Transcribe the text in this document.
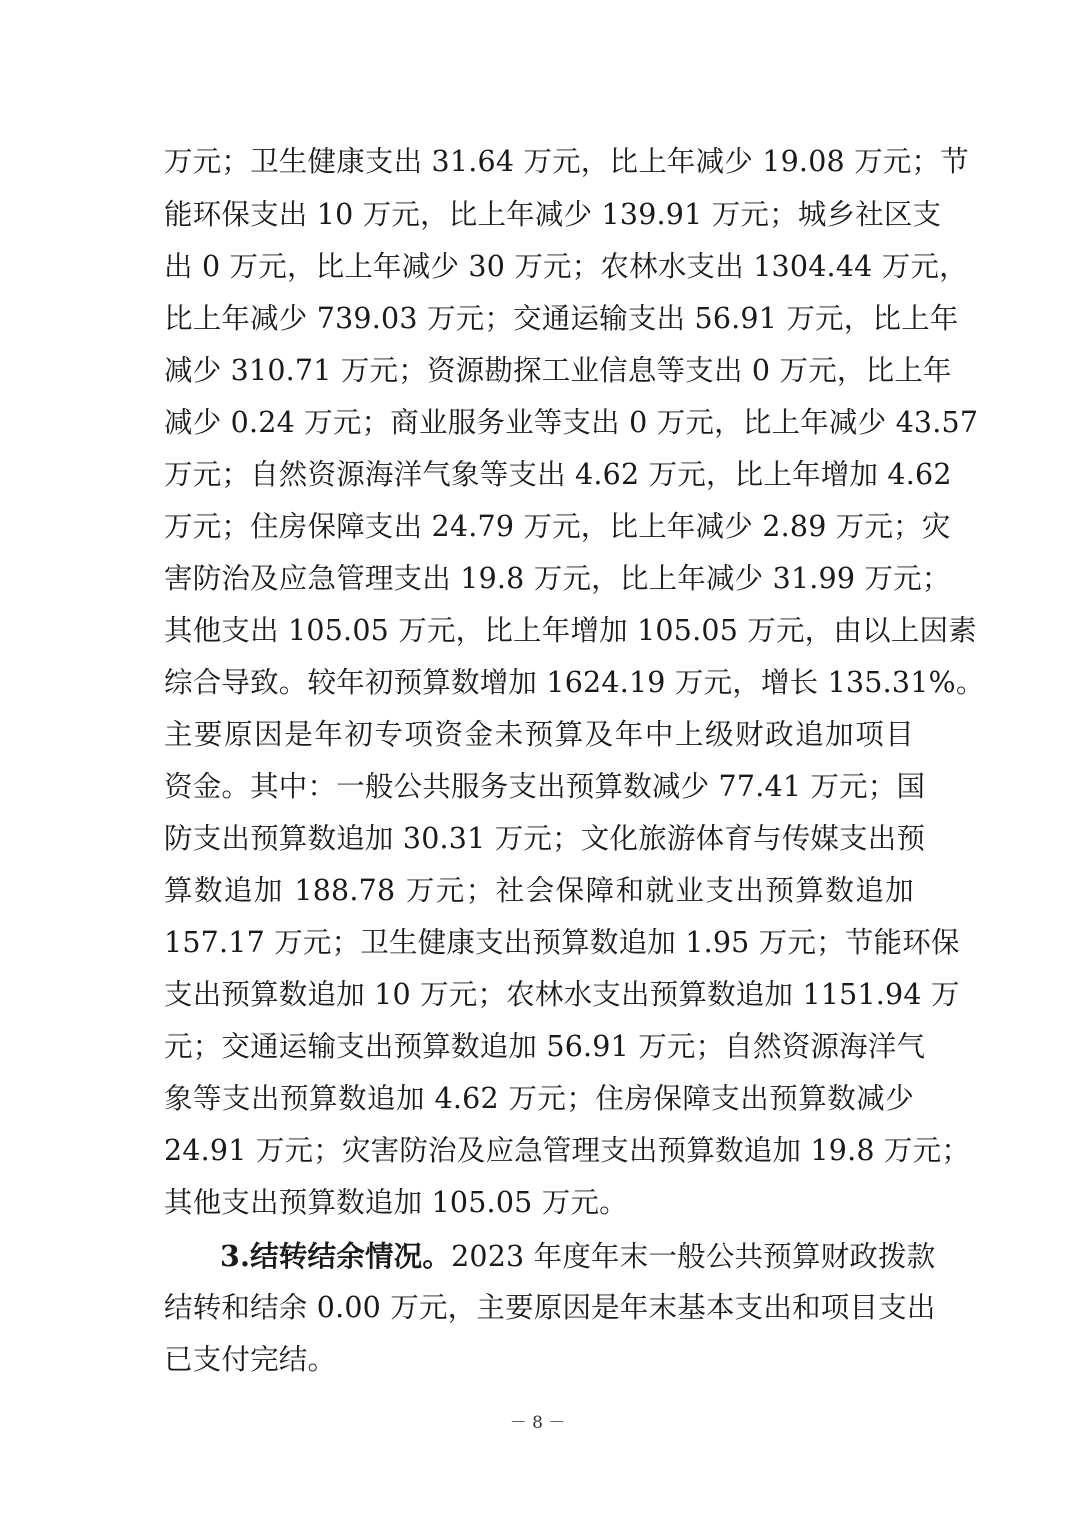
万元；卫生健康支出 31.64 万元，比上年减少 19.08 万元；节
能环保支出 10 万元，比上年减少 139.91 万元；城乡社区支
出 0 万元，比上年减少 30 万元；农林水支出 1304.44 万元，
比上年减少 739.03 万元；交通运输支出 56.91 万元，比上年
减少 310.71 万元；资源勘探工业信息等支出 0 万元，比上年
减少 0.24 万元；商业服务业等支出 0 万元，比上年减少 43.57
万元；自然资源海洋气象等支出 4.62 万元，比上年增加 4.62
万元；住房保障支出 24.79 万元，比上年减少 2.89 万元；灾
害防治及应急管理支出 19.8 万元，比上年减少 31.99 万元；
其他支出 105.05 万元，比上年增加 105.05 万元，由以上因素
综合导致。较年初预算数增加 1624.19 万元，增长 135.31%。
主要原因是年初专项资金未预算及年中上级财政追加项目
资金。其中：一般公共服务支出预算数减少 77.41 万元；国
防支出预算数追加 30.31 万元；文化旅游体育与传媒支出预
算数追加 188.78 万元；社会保障和就业支出预算数追加
157.17 万元；卫生健康支出预算数追加 1.95 万元；节能环保
支出预算数追加 10 万元；农林水支出预算数追加 1151.94 万
元；交通运输支出预算数追加 56.91 万元；自然资源海洋气
象等支出预算数追加 4.62 万元；住房保障支出预算数减少
24.91 万元；灾害防治及应急管理支出预算数追加 19.8 万元；
其他支出预算数追加 105.05 万元。
3.结转结余情况。2023 年度年末一般公共预算财政拨款
结转和结余 0.00 万元，主要原因是年末基本支出和项目支出
已支付完结。
－ 8 －
